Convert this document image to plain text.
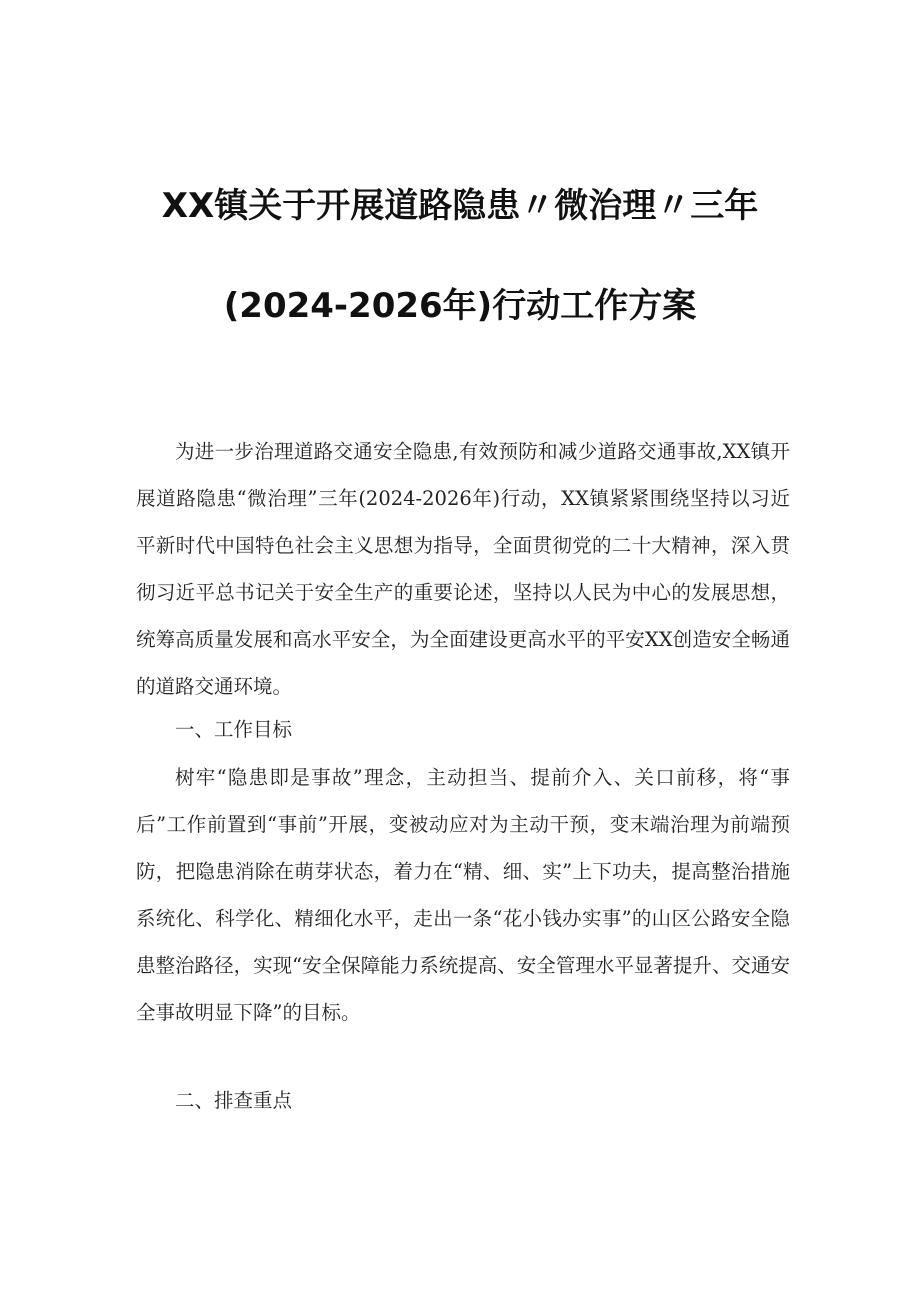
XX镇关于开展道路隐患〃微治理〃三年
(2024-2026年)行动工作方案

为进一步治理道路交通安全隐患,有效预防和减少道路交通事故,XX镇开展道路隐患“微治理”三年(2024-2026年)行动，XX镇紧紧围绕坚持以习近平新时代中国特色社会主义思想为指导，全面贯彻党的二十大精神，深入贯彻习近平总书记关于安全生产的重要论述，坚持以人民为中心的发展思想，统筹高质量发展和高水平安全，为全面建设更高水平的平安XX创造安全畅通的道路交通环境。

一、工作目标

树牢“隐患即是事故”理念，主动担当、提前介入、关口前移，将“事后”工作前置到“事前”开展，变被动应对为主动干预，变末端治理为前端预防，把隐患消除在萌芽状态，着力在“精、细、实”上下功夫，提高整治措施系统化、科学化、精细化水平，走出一条“花小钱办实事”的山区公路安全隐患整治路径，实现“安全保障能力系统提高、安全管理水平显著提升、交通安全事故明显下降”的目标。

二、排查重点
